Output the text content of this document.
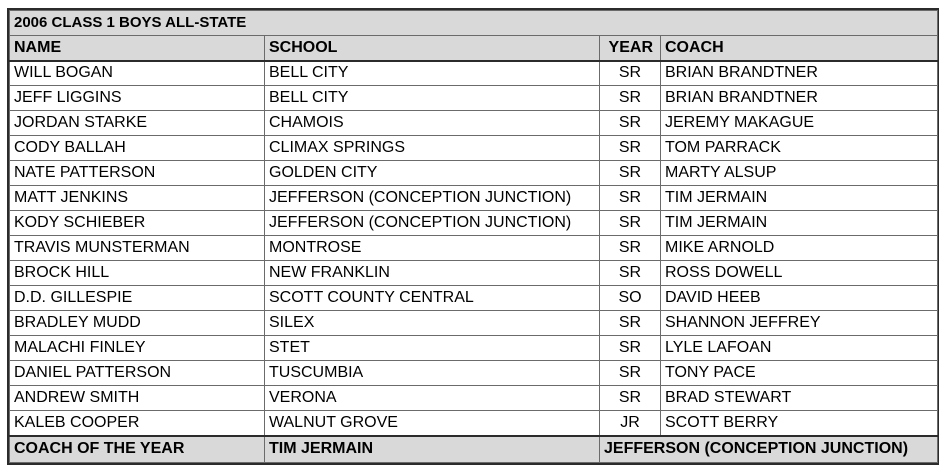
2006 CLASS 1 BOYS ALL-STATE			
NAME	SCHOOL	YEAR	COACH
WILL BOGAN	BELL CITY	SR	BRIAN BRANDTNER
JEFF LIGGINS	BELL CITY	SR	BRIAN BRANDTNER
JORDAN STARKE	CHAMOIS	SR	JEREMY MAKAGUE
CODY BALLAH	CLIMAX SPRINGS	SR	TOM PARRACK
NATE PATTERSON	GOLDEN CITY	SR	MARTY ALSUP
MATT JENKINS	JEFFERSON (CONCEPTION JUNCTION)	SR	TIM JERMAIN
KODY SCHIEBER	JEFFERSON (CONCEPTION JUNCTION)	SR	TIM JERMAIN
TRAVIS MUNSTERMAN	MONTROSE	SR	MIKE ARNOLD
BROCK HILL	NEW FRANKLIN	SR	ROSS DOWELL
D.D. GILLESPIE	SCOTT COUNTY CENTRAL	SO	DAVID HEEB
BRADLEY MUDD	SILEX	SR	SHANNON JEFFREY
MALACHI FINLEY	STET	SR	LYLE LAFOAN
DANIEL PATTERSON	TUSCUMBIA	SR	TONY PACE
ANDREW SMITH	VERONA	SR	BRAD STEWART
KALEB COOPER	WALNUT GROVE	JR	SCOTT BERRY
COACH OF THE YEAR	TIM JERMAIN	JEFFERSON (CONCEPTION JUNCTION)	
